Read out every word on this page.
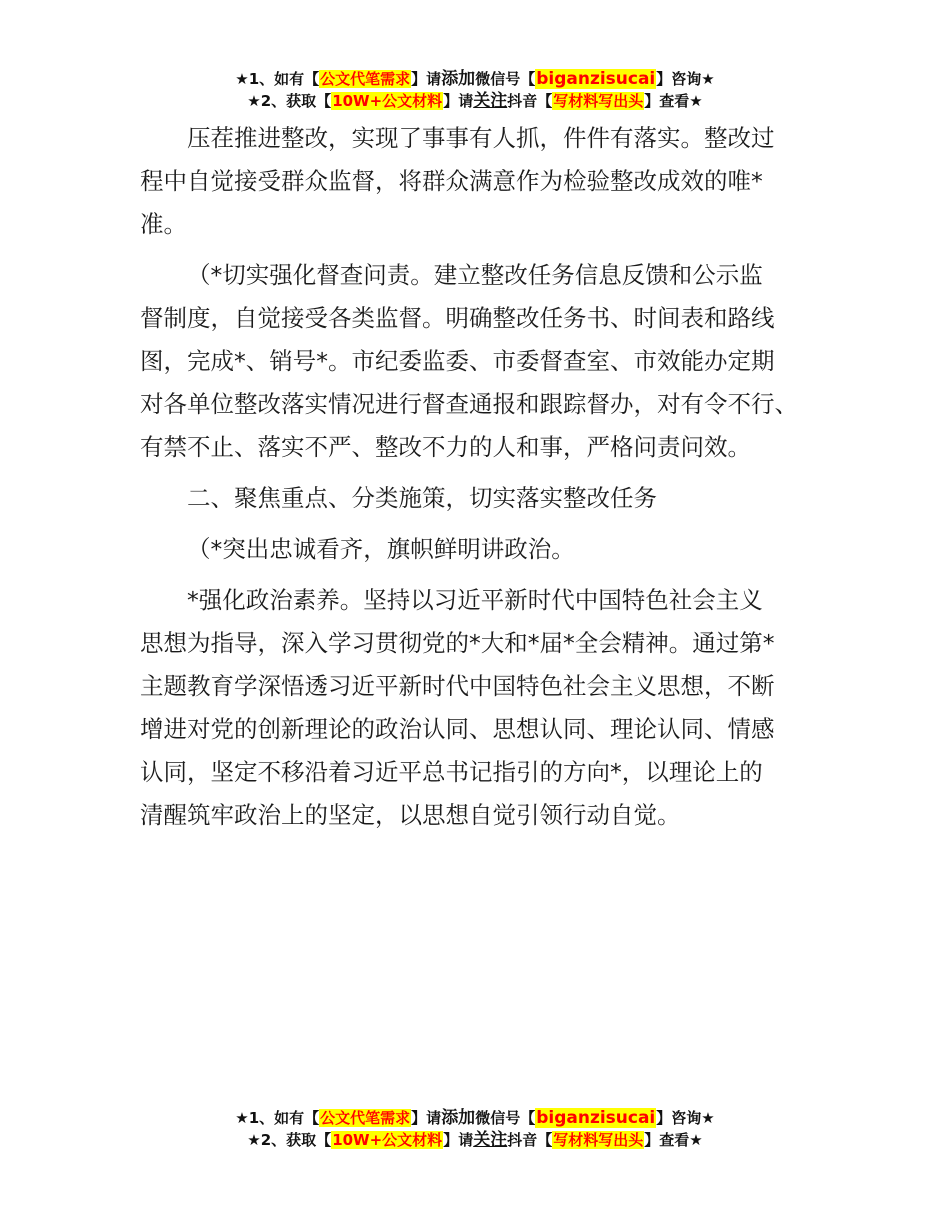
★1、如有【公文代笔需求】请添加微信号【biganzisucai】咨询★
★2、获取【10W+公文材料】请关注抖音【写材料写出头】查看★

压茬推进整改，实现了事事有人抓，件件有落实。整改过

程中自觉接受群众监督，将群众满意作为检验整改成效的唯*

准。

（*切实强化督查问责。建立整改任务信息反馈和公示监

督制度，自觉接受各类监督。明确整改任务书、时间表和路线

图，完成*、销号*。市纪委监委、市委督查室、市效能办定期

对各单位整改落实情况进行督查通报和跟踪督办，对有令不行、

有禁不止、落实不严、整改不力的人和事，严格问责问效。

二、聚焦重点、分类施策，切实落实整改任务

（*突出忠诚看齐，旗帜鲜明讲政治。

*强化政治素养。坚持以习近平新时代中国特色社会主义

思想为指导，深入学习贯彻党的*大和*届*全会精神。通过第*

主题教育学深悟透习近平新时代中国特色社会主义思想，不断

增进对党的创新理论的政治认同、思想认同、理论认同、情感

认同，坚定不移沿着习近平总书记指引的方向*，以理论上的

清醒筑牢政治上的坚定，以思想自觉引领行动自觉。

★1、如有【公文代笔需求】请添加微信号【biganzisucai】咨询★
★2、获取【10W+公文材料】请关注抖音【写材料写出头】查看★
